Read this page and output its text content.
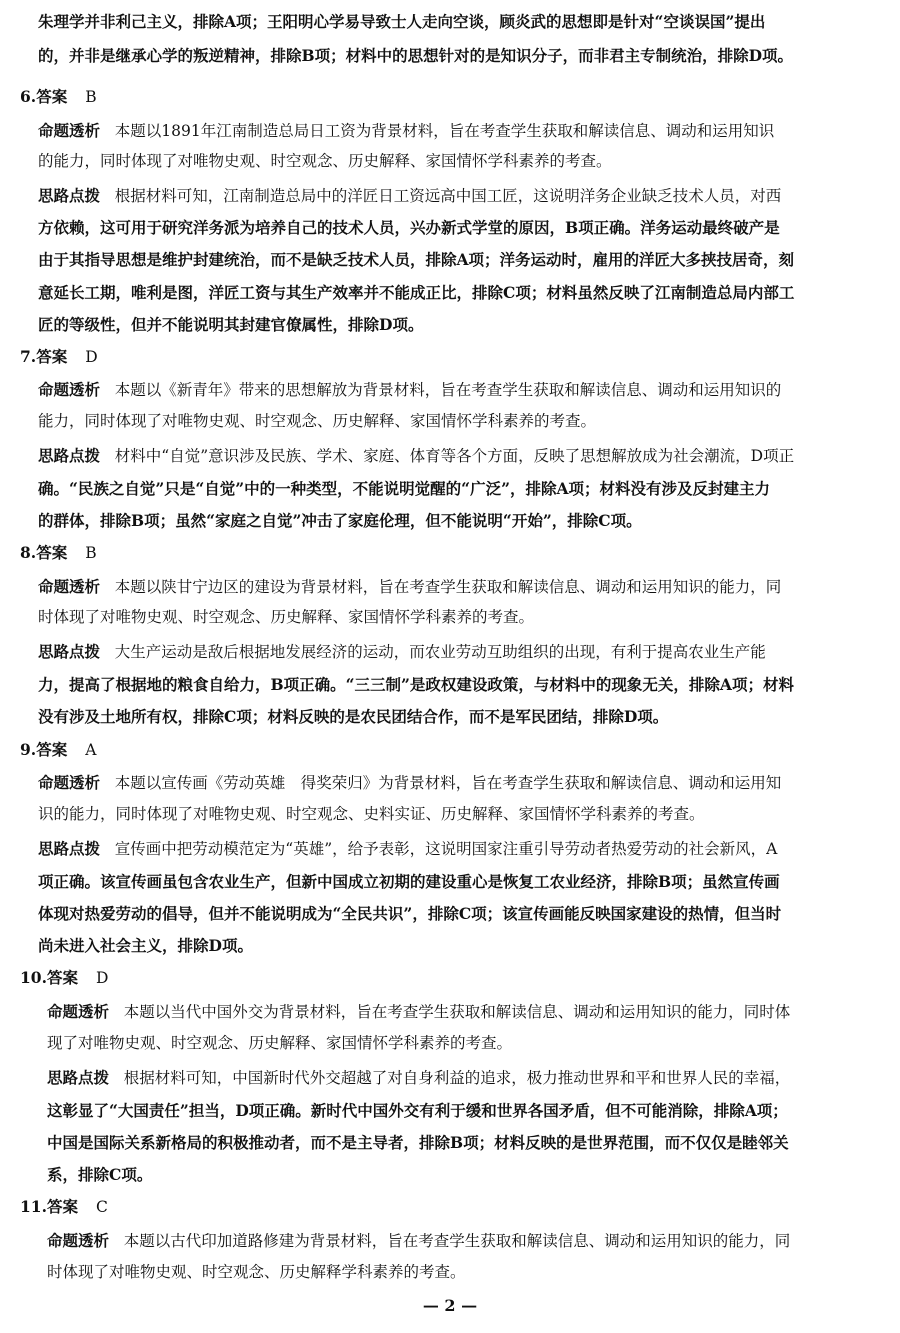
朱理学并非利己主义，排除A项；王阳明心学易导致士人走向空谈，顾炎武的思想即是针对“空谈误国”提出

的，并非是继承心学的叛逆精神，排除B项；材料中的思想针对的是知识分子，而非君主专制统治，排除D项。

6.答案 B

命题透析 本题以1891年江南制造总局日工资为背景材料，旨在考查学生获取和解读信息、调动和运用知识

的能力，同时体现了对唯物史观、时空观念、历史解释、家国情怀学科素养的考查。

思路点拨 根据材料可知，江南制造总局中的洋匠日工资远高中国工匠，这说明洋务企业缺乏技术人员，对西

方依赖，这可用于研究洋务派为培养自己的技术人员，兴办新式学堂的原因，B项正确。洋务运动最终破产是

由于其指导思想是维护封建统治，而不是缺乏技术人员，排除A项；洋务运动时，雇用的洋匠大多挟技居奇，刻

意延长工期，唯利是图，洋匠工资与其生产效率并不能成正比，排除C项；材料虽然反映了江南制造总局内部工

匠的等级性，但并不能说明其封建官僚属性，排除D项。

7.答案 D

命题透析 本题以《新青年》带来的思想解放为背景材料，旨在考查学生获取和解读信息、调动和运用知识的

能力，同时体现了对唯物史观、时空观念、历史解释、家国情怀学科素养的考查。

思路点拨 材料中“自觉”意识涉及民族、学术、家庭、体育等各个方面，反映了思想解放成为社会潮流，D项正

确。“民族之自觉”只是“自觉”中的一种类型，不能说明觉醒的“广泛”，排除A项；材料没有涉及反封建主力

的群体，排除B项；虽然“家庭之自觉”冲击了家庭伦理，但不能说明“开始”，排除C项。

8.答案 B

命题透析 本题以陕甘宁边区的建设为背景材料，旨在考查学生获取和解读信息、调动和运用知识的能力，同

时体现了对唯物史观、时空观念、历史解释、家国情怀学科素养的考查。

思路点拨 大生产运动是敌后根据地发展经济的运动，而农业劳动互助组织的出现，有利于提高农业生产能

力，提高了根据地的粮食自给力，B项正确。“三三制”是政权建设政策，与材料中的现象无关，排除A项；材料

没有涉及土地所有权，排除C项；材料反映的是农民团结合作，而不是军民团结，排除D项。

9.答案 A

命题透析 本题以宣传画《劳动英雄　得奖荣归》为背景材料，旨在考查学生获取和解读信息、调动和运用知

识的能力，同时体现了对唯物史观、时空观念、史料实证、历史解释、家国情怀学科素养的考查。

思路点拨 宣传画中把劳动模范定为“英雄”，给予表彰，这说明国家注重引导劳动者热爱劳动的社会新风，A

项正确。该宣传画虽包含农业生产，但新中国成立初期的建设重心是恢复工农业经济，排除B项；虽然宣传画

体现对热爱劳动的倡导，但并不能说明成为“全民共识”，排除C项；该宣传画能反映国家建设的热情，但当时

尚未进入社会主义，排除D项。

10.答案 D

命题透析 本题以当代中国外交为背景材料，旨在考查学生获取和解读信息、调动和运用知识的能力，同时体

现了对唯物史观、时空观念、历史解释、家国情怀学科素养的考查。

思路点拨 根据材料可知，中国新时代外交超越了对自身利益的追求，极力推动世界和平和世界人民的幸福，

这彰显了“大国责任”担当，D项正确。新时代中国外交有利于缓和世界各国矛盾，但不可能消除，排除A项；

中国是国际关系新格局的积极推动者，而不是主导者，排除B项；材料反映的是世界范围，而不仅仅是睦邻关

系，排除C项。

11.答案 C

命题透析 本题以古代印加道路修建为背景材料，旨在考查学生获取和解读信息、调动和运用知识的能力，同

时体现了对唯物史观、时空观念、历史解释学科素养的考查。

— 2 —
